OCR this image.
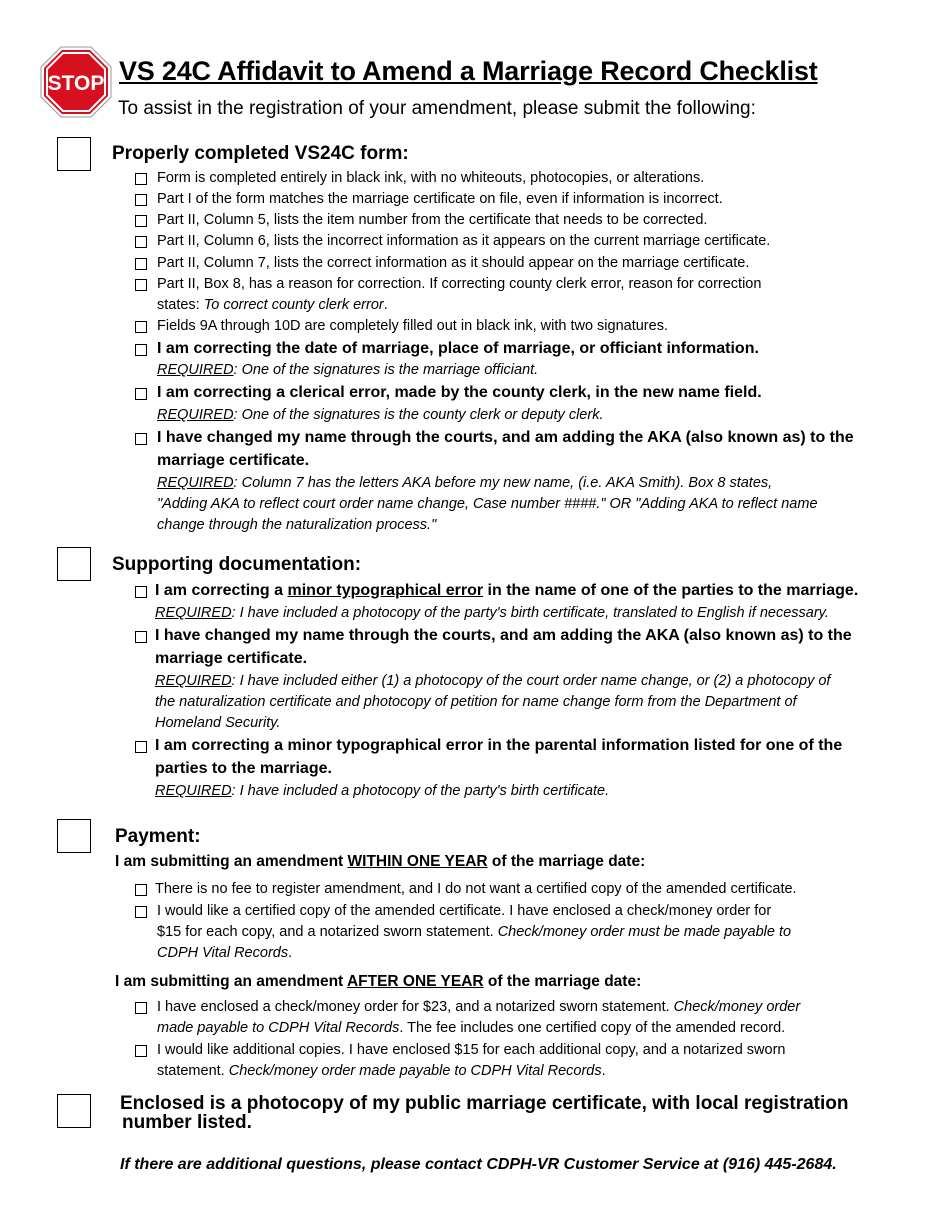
STOP VS 24C Affidavit to Amend a Marriage Record Checklist
To assist in the registration of your amendment, please submit the following:
Properly completed VS24C form:
Form is completed entirely in black ink, with no whiteouts, photocopies, or alterations.
Part I of the form matches the marriage certificate on file, even if information is incorrect.
Part II, Column 5, lists the item number from the certificate that needs to be corrected.
Part II, Column 6, lists the incorrect information as it appears on the current marriage certificate.
Part II, Column 7, lists the correct information as it should appear on the marriage certificate.
Part II, Box 8, has a reason for correction. If correcting county clerk error, reason for correction
states: To correct county clerk error.
Fields 9A through 10D are completely filled out in black ink, with two signatures.
I am correcting the date of marriage, place of marriage, or officiant information.
REQUIRED: One of the signatures is the marriage officiant.
I am correcting a clerical error, made by the county clerk, in the new name field.
REQUIRED: One of the signatures is the county clerk or deputy clerk.
I have changed my name through the courts, and am adding the AKA (also known as) to the
marriage certificate.
REQUIRED: Column 7 has the letters AKA before my new name, (i.e. AKA Smith). Box 8 states,
"Adding AKA to reflect court order name change, Case number ####." OR "Adding AKA to reflect name
change through the naturalization process."
Supporting documentation:
I am correcting a minor typographical error in the name of one of the parties to the marriage.
REQUIRED: I have included a photocopy of the party's birth certificate, translated to English if necessary.
I have changed my name through the courts, and am adding the AKA (also known as) to the
marriage certificate.
REQUIRED: I have included either (1) a photocopy of the court order name change, or (2) a photocopy of
the naturalization certificate and photocopy of petition for name change form from the Department of
Homeland Security.
I am correcting a minor typographical error in the parental information listed for one of the
parties to the marriage.
REQUIRED: I have included a photocopy of the party's birth certificate.
Payment:
I am submitting an amendment WITHIN ONE YEAR of the marriage date:
There is no fee to register amendment, and I do not want a certified copy of the amended certificate.
I would like a certified copy of the amended certificate. I have enclosed a check/money order for
$15 for each copy, and a notarized sworn statement. Check/money order must be made payable to
CDPH Vital Records.
I am submitting an amendment AFTER ONE YEAR of the marriage date:
I have enclosed a check/money order for $23, and a notarized sworn statement. Check/money order
made payable to CDPH Vital Records. The fee includes one certified copy of the amended record.
I would like additional copies. I have enclosed $15 for each additional copy, and a notarized sworn
statement. Check/money order made payable to CDPH Vital Records.
Enclosed is a photocopy of my public marriage certificate, with local registration
number listed.
If there are additional questions, please contact CDPH-VR Customer Service at (916) 445-2684.
